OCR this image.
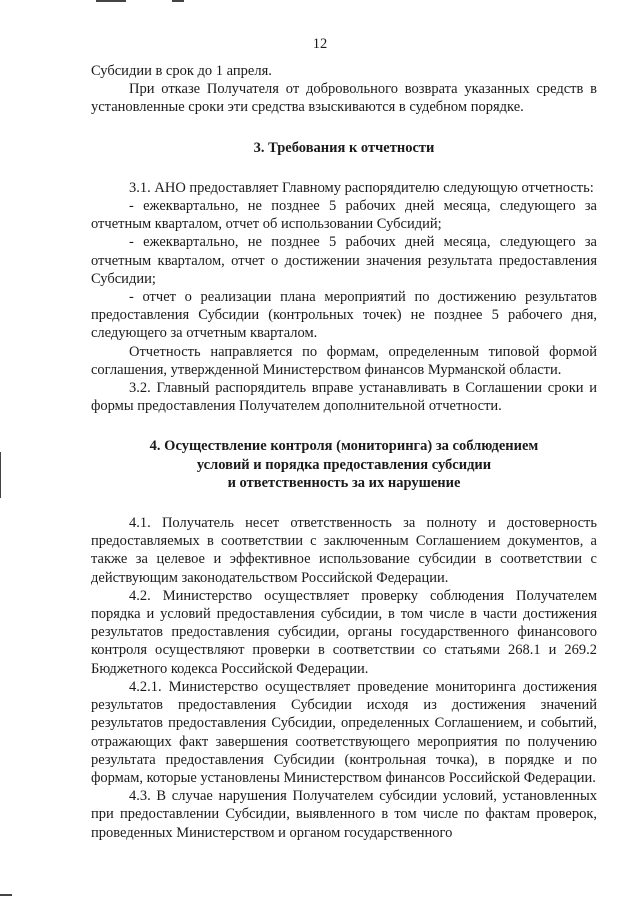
12

Субсидии в срок до 1 апреля.

При отказе Получателя от добровольного возврата указанных средств в установленные сроки эти средства взыскиваются в судебном порядке.

3. Требования к отчетности

3.1. АНО предоставляет Главному распорядителю следующую отчетность:

- ежеквартально, не позднее 5 рабочих дней месяца, следующего за отчетным кварталом, отчет об использовании Субсидий;

- ежеквартально, не позднее 5 рабочих дней месяца, следующего за отчетным кварталом, отчет о достижении значения результата предоставления Субсидии;

- отчет о реализации плана мероприятий по достижению результатов предоставления Субсидии (контрольных точек) не позднее 5 рабочего дня, следующего за отчетным кварталом.

Отчетность направляется по формам, определенным типовой формой соглашения, утвержденной Министерством финансов Мурманской области.

3.2. Главный распорядитель вправе устанавливать в Соглашении сроки и формы предоставления Получателем дополнительной отчетности.

4. Осуществление контроля (мониторинга) за соблюдением
условий и порядка предоставления субсидии
и ответственность за их нарушение

4.1. Получатель несет ответственность за полноту и достоверность предоставляемых в соответствии с заключенным Соглашением документов, а также за целевое и эффективное использование субсидии в соответствии с действующим законодательством Российской Федерации.

4.2. Министерство осуществляет проверку соблюдения Получателем порядка и условий предоставления субсидии, в том числе в части достижения результатов предоставления субсидии, органы государственного финансового контроля осуществляют проверки в соответствии со статьями 268.1 и 269.2 Бюджетного кодекса Российской Федерации.

4.2.1. Министерство осуществляет проведение мониторинга достижения результатов предоставления Субсидии исходя из достижения значений результатов предоставления Субсидии, определенных Соглашением, и событий, отражающих факт завершения соответствующего мероприятия по получению результата предоставления Субсидии (контрольная точка), в порядке и по формам, которые установлены Министерством финансов Российской Федерации.

4.3. В случае нарушения Получателем субсидии условий, установленных при предоставлении Субсидии, выявленного в том числе по фактам проверок, проведенных Министерством и органом государственного
